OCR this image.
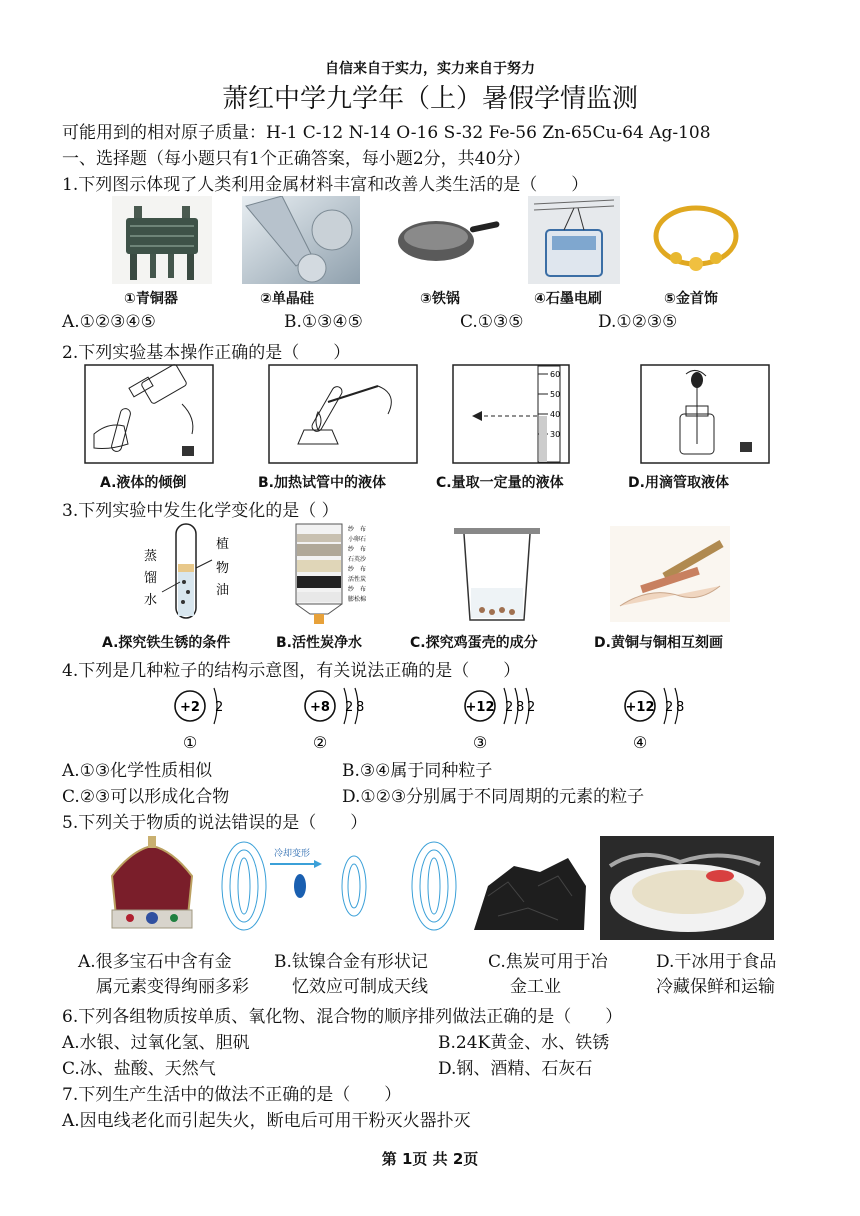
自信来自于实力，实力来自于努力
萧红中学九学年（上）暑假学情监测
可能用到的相对原子质量：H-1 C-12 N-14 O-16 S-32 Fe-56 Zn-65Cu-64 Ag-108
一、选择题（每小题只有1个正确答案，每小题2分，共40分）
1.下列图示体现了人类利用金属材料丰富和改善人类生活的是（　　）
①青铜器	②单晶硅	③铁锅	④石墨电刷	⑤金首饰
A.①②③④⑤	B.①③④⑤	C.①③⑤	D.①②③⑤
2.下列实验基本操作正确的是（　　）
60
50
40
30
A.液体的倾倒	B.加热试管中的液体	C.量取一定量的液体	D.用滴管取液体
3.下列实验中发生化学变化的是（ ）
植
物
油
蒸
馏
水
纱　布
小卵石
纱　布
石英沙
纱　布
活性炭
纱　布
膨松棉
A.探究铁生锈的条件	B.活性炭净水	C.探究鸡蛋壳的成分	D.黄铜与铜相互刻画
4.下列是几种粒子的结构示意图，有关说法正确的是（　　）
+2 2
①
+8 2 8
②
+12 2 8 2
③
+12 2 8
④
A.①③化学性质相似	B.③④属于同种粒子
C.②③可以形成化合物	D.①②③分别属于不同周期的元素的粒子
5.下列关于物质的说法错误的是（　　）
冷却变形
A.很多宝石中含有金
属元素变得绚丽多彩
B.钛镍合金有形状记
忆效应可制成天线
C.焦炭可用于冶
金工业
D.干冰用于食品
冷藏保鲜和运输
6.下列各组物质按单质、氧化物、混合物的顺序排列做法正确的是（　　）
A.水银、过氧化氢、胆矾	B.24K黄金、水、铁锈
C.冰、盐酸、天然气	D.钢、酒精、石灰石
7.下列生产生活中的做法不正确的是（　　）
A.因电线老化而引起失火，断电后可用干粉灭火器扑灭
第 1页 共 2页
